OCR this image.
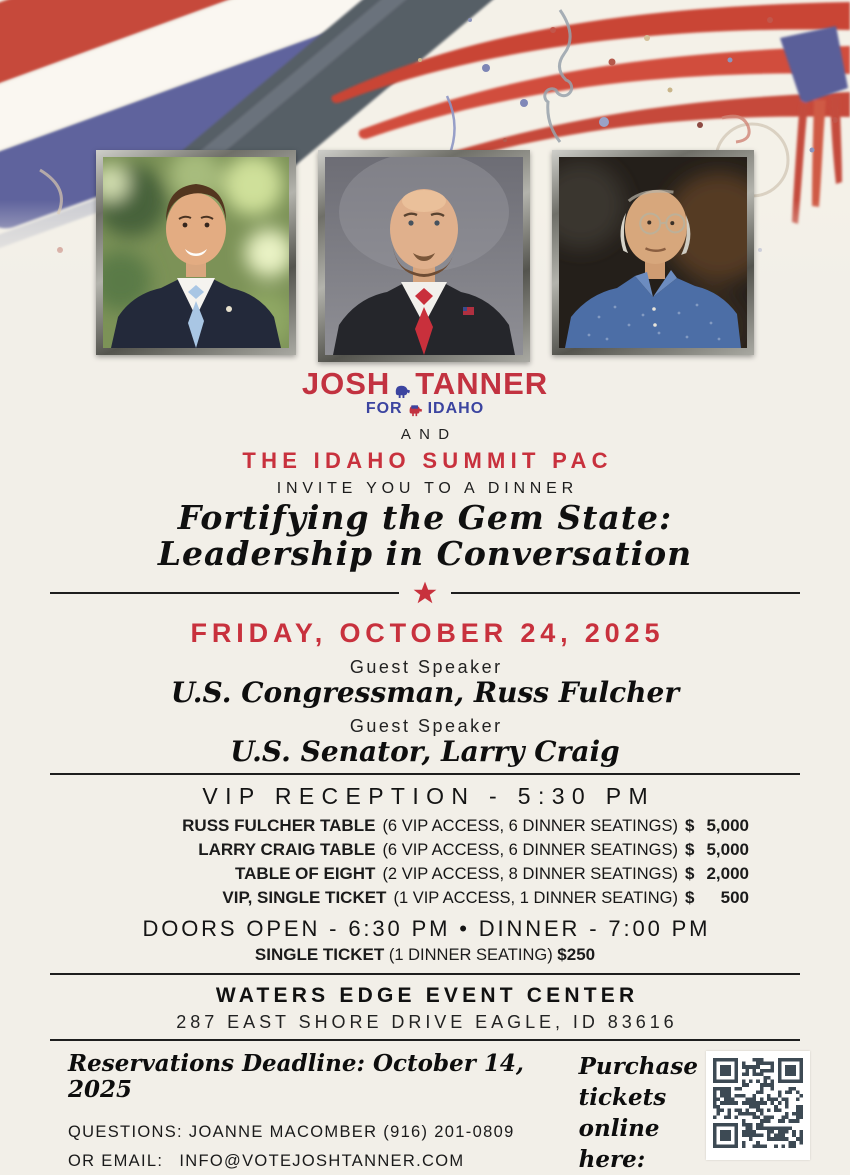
JOSH TANNER
FOR IDAHO
AND
THE IDAHO SUMMIT PAC
INVITE YOU TO A DINNER
Fortifying the Gem State:
Leadership in Conversation
FRIDAY, OCTOBER 24, 2025
Guest Speaker
U.S. Congressman, Russ Fulcher
Guest Speaker
U.S. Senator, Larry Craig
VIP RECEPTION - 5:30 PM
RUSS FULCHER TABLE (6 VIP ACCESS, 6 DINNER SEATINGS) $ 5,000
LARRY CRAIG TABLE (6 VIP ACCESS, 6 DINNER SEATINGS) $ 5,000
TABLE OF EIGHT (2 VIP ACCESS, 8 DINNER SEATINGS) $ 2,000
VIP, SINGLE TICKET (1 VIP ACCESS, 1 DINNER SEATING) $ 500
DOORS OPEN - 6:30 PM • DINNER - 7:00 PM
SINGLE TICKET (1 DINNER SEATING) $250
WATERS EDGE EVENT CENTER
287 EAST SHORE DRIVE EAGLE, ID 83616
Reservations Deadline: October 14, 2025
QUESTIONS: JOANNE MACOMBER (916) 201-0809
OR EMAIL: INFO@VOTEJOSHTANNER.COM
Purchase
tickets
online here:
